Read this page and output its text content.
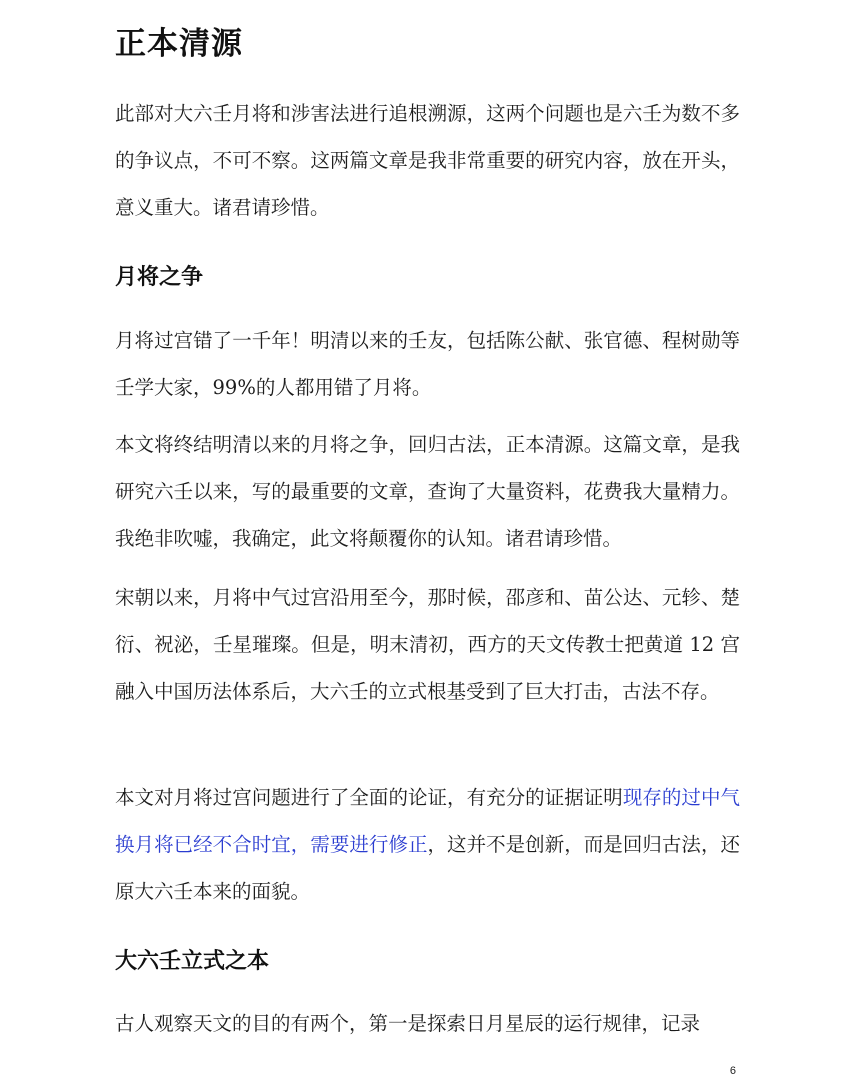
正本清源

此部对大六壬月将和涉害法进行追根溯源，这两个问题也是六壬为数不多的争议点，不可不察。这两篇文章是我非常重要的研究内容，放在开头，意义重大。诸君请珍惜。

月将之争

月将过宫错了一千年！明清以来的壬友，包括陈公献、张官德、程树勋等壬学大家，99%的人都用错了月将。

本文将终结明清以来的月将之争，回归古法，正本清源。这篇文章，是我研究六壬以来，写的最重要的文章，查询了大量资料，花费我大量精力。我绝非吹嘘，我确定，此文将颠覆你的认知。诸君请珍惜。

宋朝以来，月将中气过宫沿用至今，那时候，邵彦和、苗公达、元轸、楚衍、祝泌，壬星璀璨。但是，明末清初，西方的天文传教士把黄道 12 宫融入中国历法体系后，大六壬的立式根基受到了巨大打击，古法不存。

本文对月将过宫问题进行了全面的论证，有充分的证据证明现存的过中气换月将已经不合时宜，需要进行修正，这并不是创新，而是回归古法，还原大六壬本来的面貌。

大六壬立式之本

古人观察天文的目的有两个，第一是探索日月星辰的运行规律，记录

6
